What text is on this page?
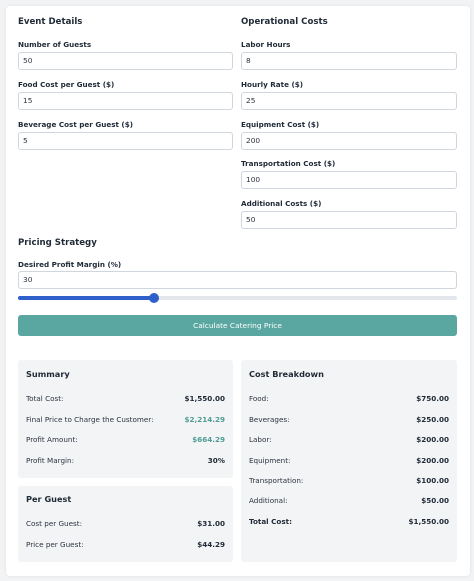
Event Details
Number of Guests
50
Food Cost per Guest ($)
15
Beverage Cost per Guest ($)
5
Operational Costs
Labor Hours
8
Hourly Rate ($)
25
Equipment Cost ($)
200
Transportation Cost ($)
100
Additional Costs ($)
50
Pricing Strategy
Desired Profit Margin (%)
30
Calculate Catering Price
Summary
Total Cost:	$1,550.00
Final Price to Charge the Customer:	$2,214.29
Profit Amount:	$664.29
Profit Margin:	30%
Per Guest
Cost per Guest:	$31.00
Price per Guest:	$44.29
Cost Breakdown
Food:	$750.00
Beverages:	$250.00
Labor:	$200.00
Equipment:	$200.00
Transportation:	$100.00
Additional:	$50.00
Total Cost:	$1,550.00
